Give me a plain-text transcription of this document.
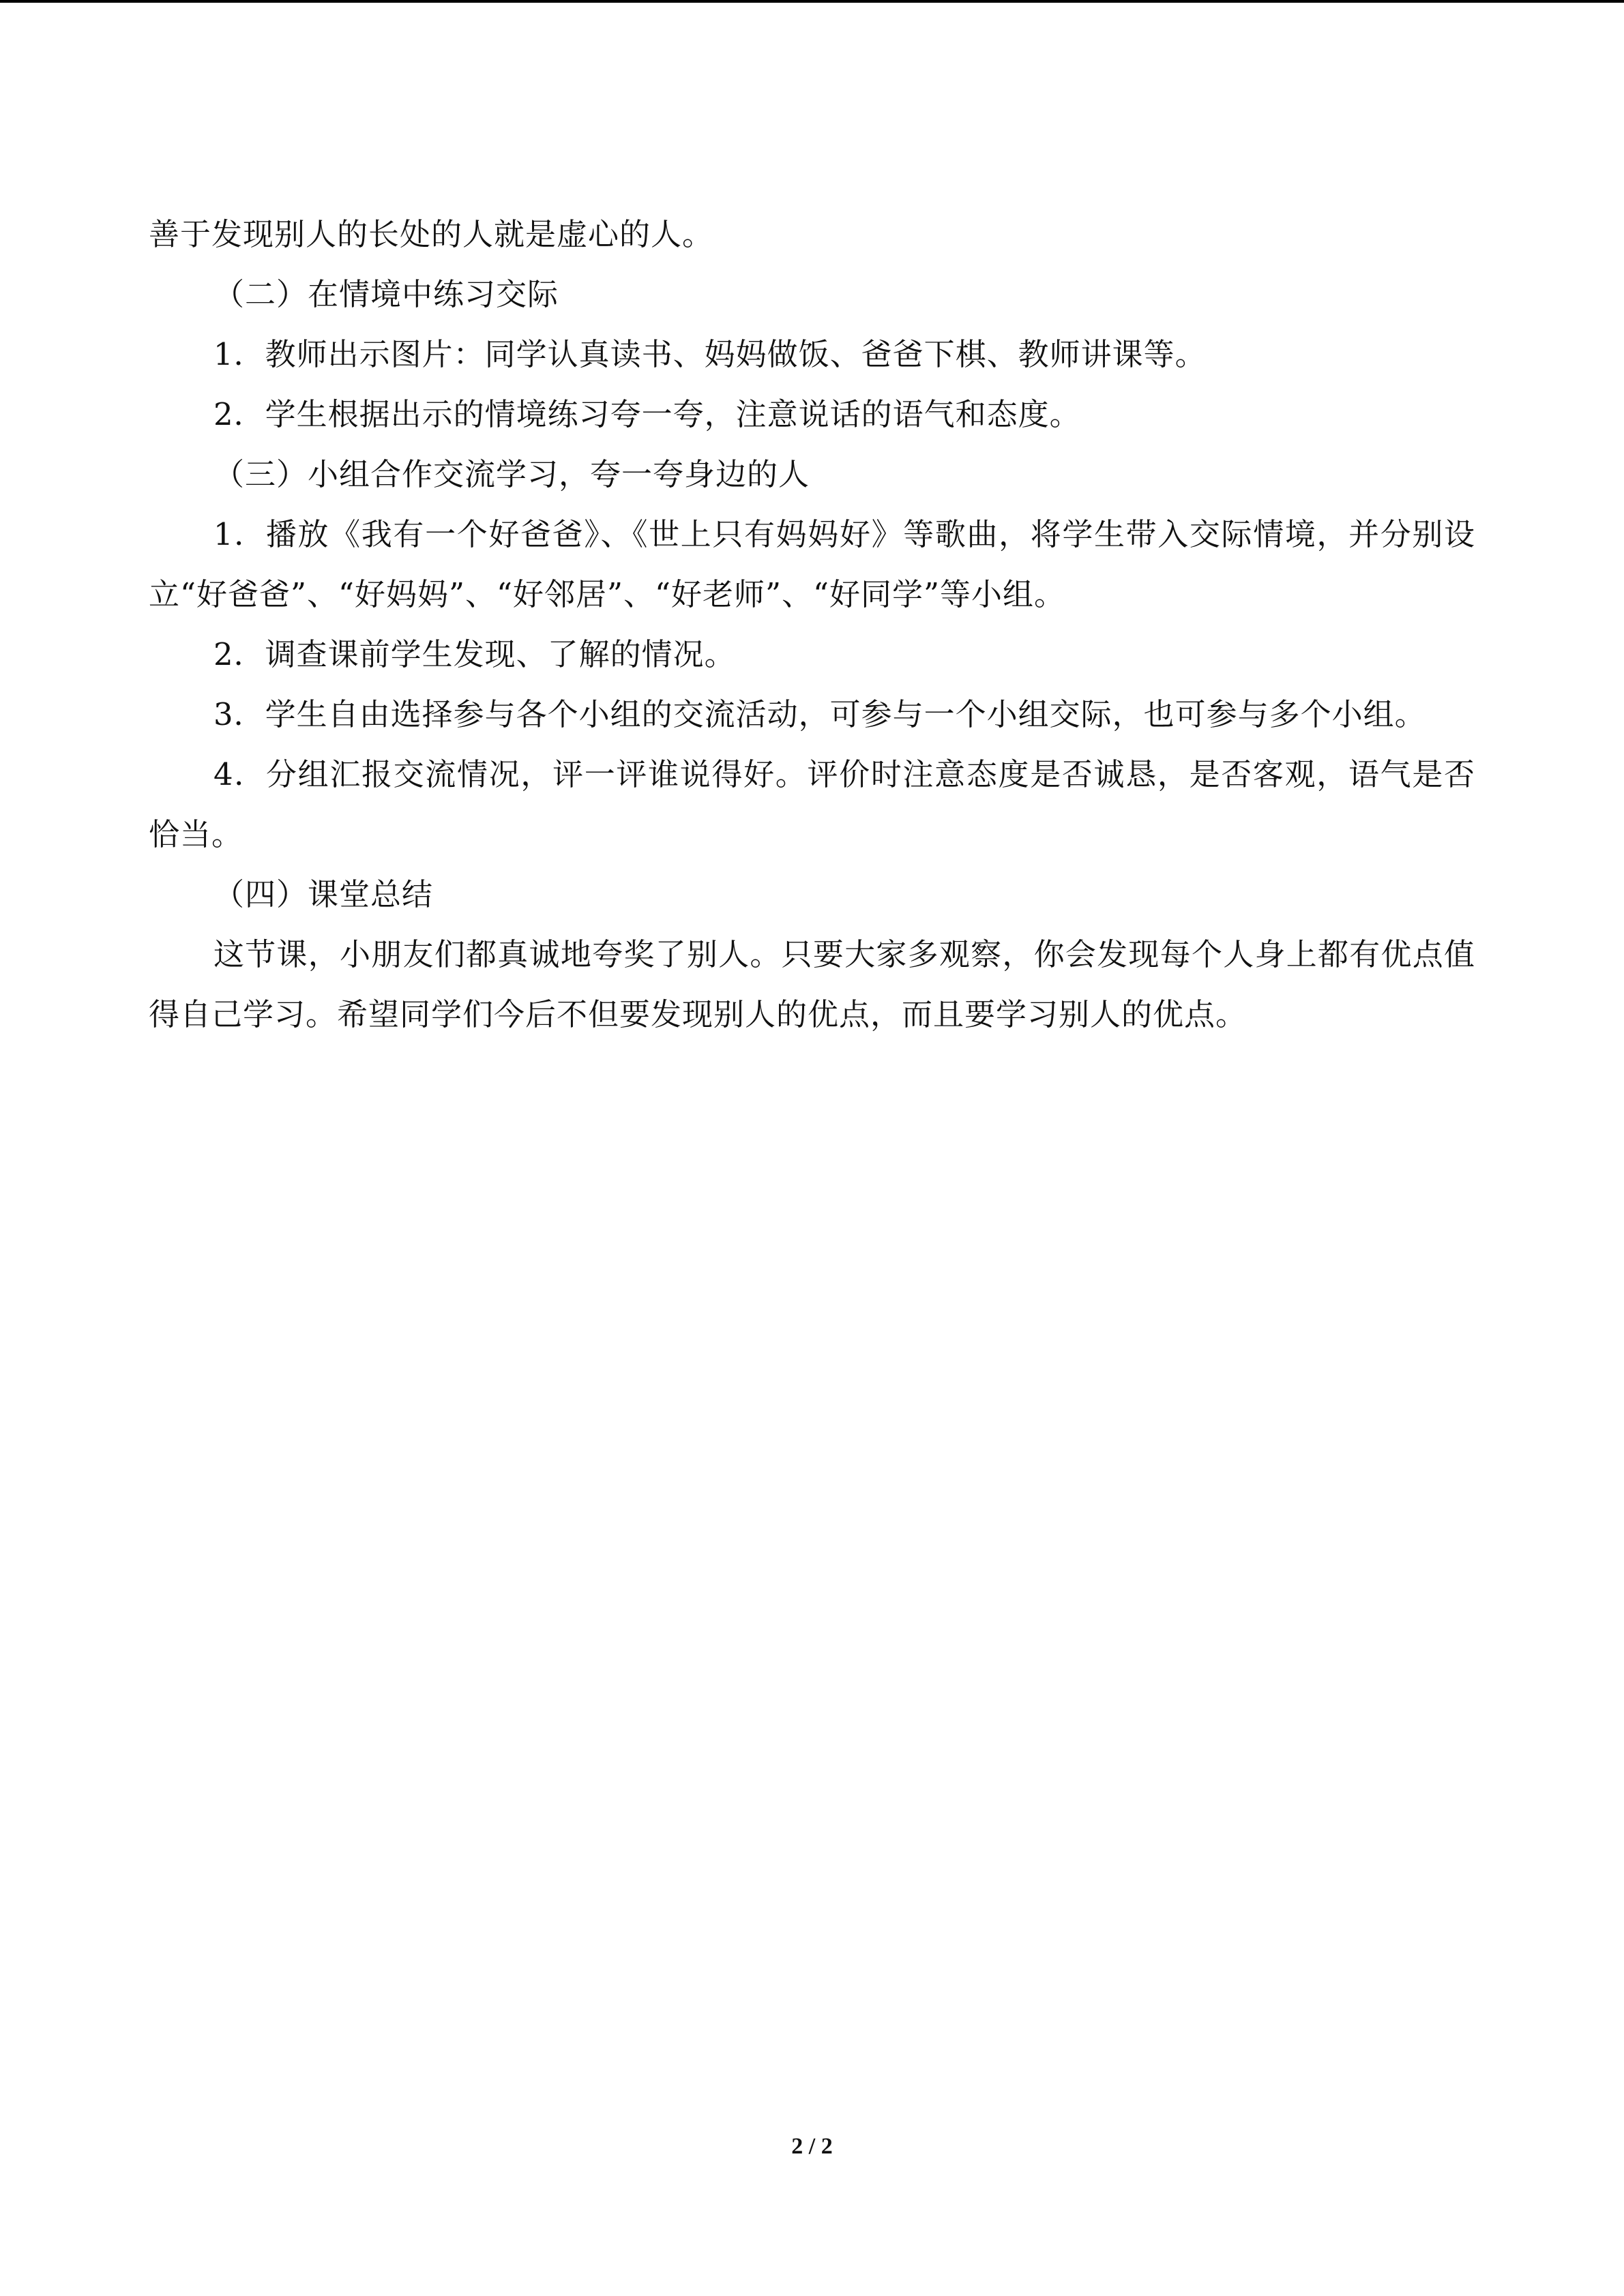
善于发现别人的长处的人就是虚心的人。

（二）在情境中练习交际

1．教师出示图片：同学认真读书、妈妈做饭、爸爸下棋、教师讲课等。

2．学生根据出示的情境练习夸一夸，注意说话的语气和态度。

（三）小组合作交流学习，夸一夸身边的人

1．播放《我有一个好爸爸》、《世上只有妈妈好》等歌曲，将学生带入交际情境，并分别设立“好爸爸”、“好妈妈”、“好邻居”、“好老师”、“好同学”等小组。

2．调查课前学生发现、了解的情况。

3．学生自由选择参与各个小组的交流活动，可参与一个小组交际，也可参与多个小组。

4．分组汇报交流情况，评一评谁说得好。评价时注意态度是否诚恳，是否客观，语气是否恰当。

（四）课堂总结

这节课，小朋友们都真诚地夸奖了别人。只要大家多观察，你会发现每个人身上都有优点值得自己学习。希望同学们今后不但要发现别人的优点，而且要学习别人的优点。

2 / 2
